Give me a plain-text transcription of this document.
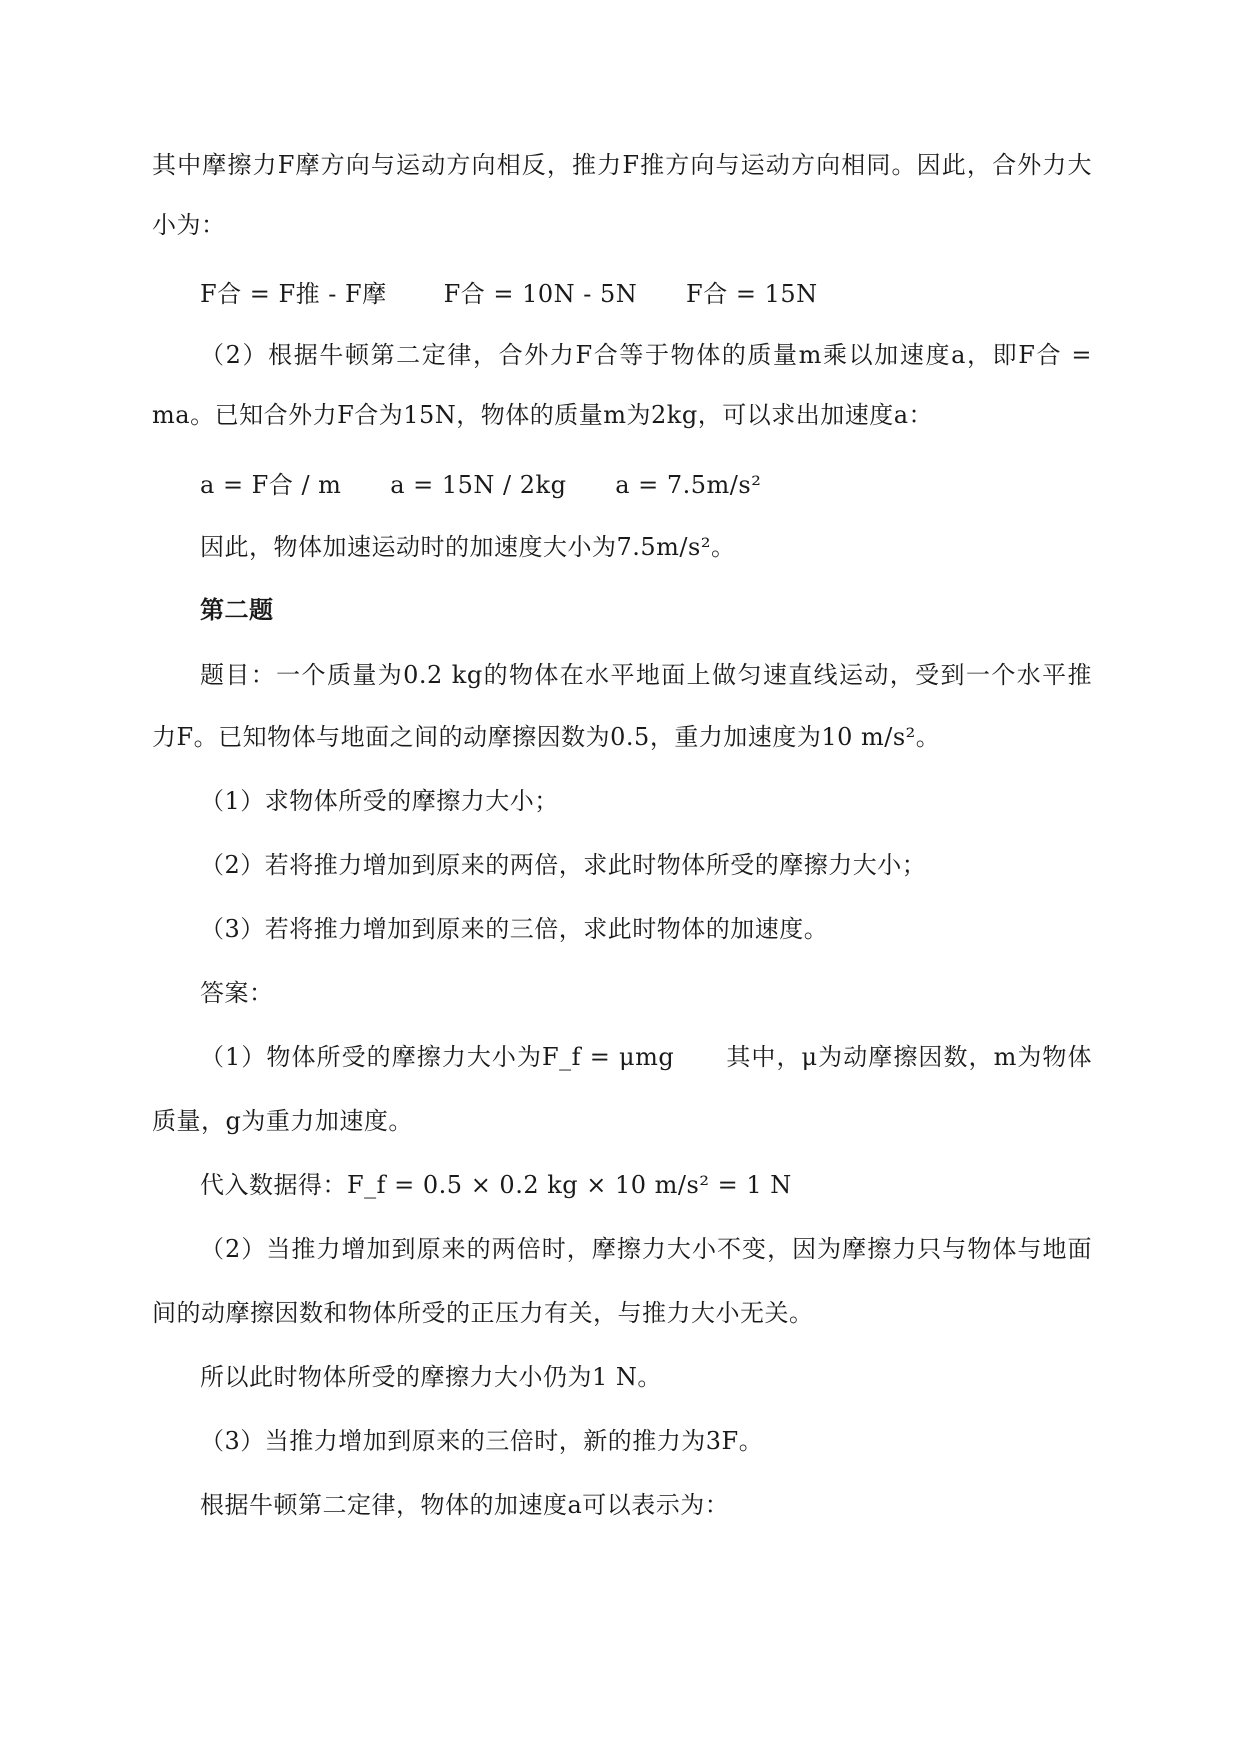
其中摩擦力F摩方向与运动方向相反，推力F推方向与运动方向相同。因此，合外力大
小为：
F合 = F推 - F摩       F合 = 10N - 5N      F合 = 15N
（2）根据牛顿第二定律，合外力F合等于物体的质量m乘以加速度a，即F合 =
ma。已知合外力F合为15N，物体的质量m为2kg，可以求出加速度a：
a = F合 / m      a = 15N / 2kg      a = 7.5m/s²
因此，物体加速运动时的加速度大小为7.5m/s²。
第二题
题目：一个质量为0.2 kg的物体在水平地面上做匀速直线运动，受到一个水平推
力F。已知物体与地面之间的动摩擦因数为0.5，重力加速度为10 m/s²。
（1）求物体所受的摩擦力大小；
（2）若将推力增加到原来的两倍，求此时物体所受的摩擦力大小；
（3）若将推力增加到原来的三倍，求此时物体的加速度。
答案：
（1）物体所受的摩擦力大小为F_f = μmg      其中，μ为动摩擦因数，m为物体
质量，g为重力加速度。
代入数据得：F_f = 0.5 × 0.2 kg × 10 m/s² = 1 N
（2）当推力增加到原来的两倍时，摩擦力大小不变，因为摩擦力只与物体与地面
间的动摩擦因数和物体所受的正压力有关，与推力大小无关。
所以此时物体所受的摩擦力大小仍为1 N。
（3）当推力增加到原来的三倍时，新的推力为3F。
根据牛顿第二定律，物体的加速度a可以表示为：
